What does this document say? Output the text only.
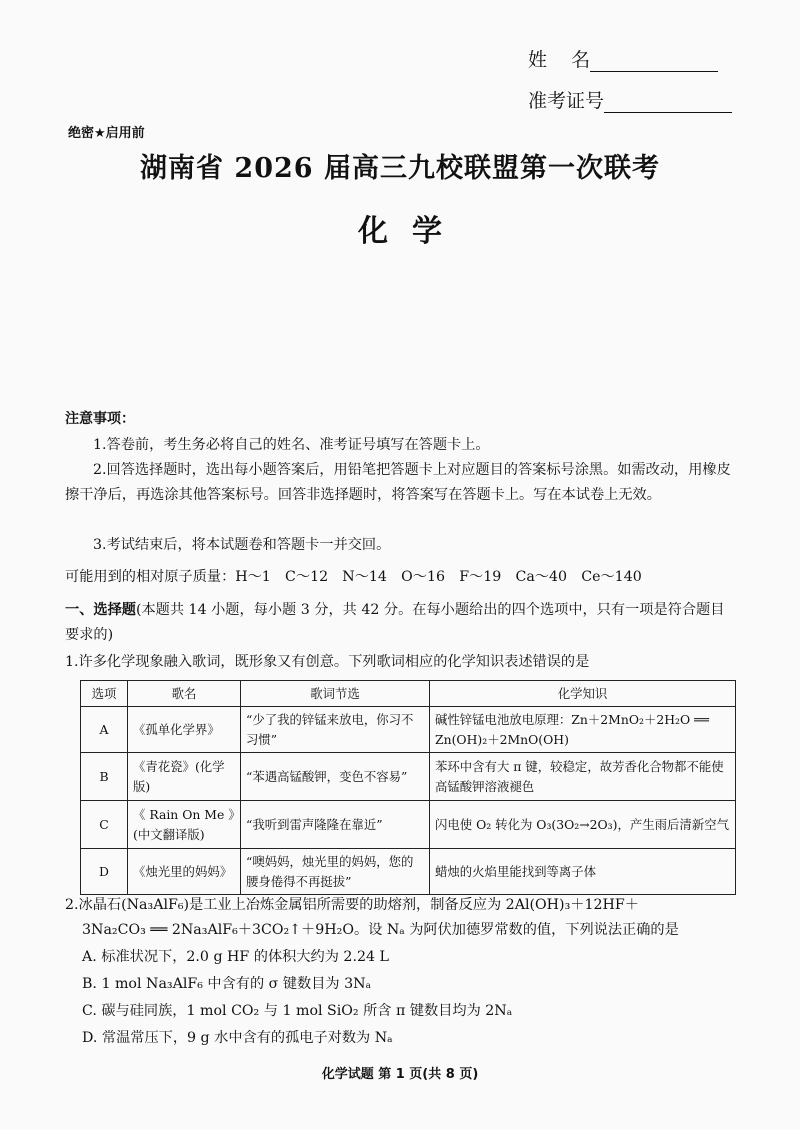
姓    名
准考证号
绝密★启用前
湖南省 2026 届高三九校联盟第一次联考
化学
注意事项：
1.答卷前，考生务必将自己的姓名、准考证号填写在答题卡上。
2.回答选择题时，选出每小题答案后，用铅笔把答题卡上对应题目的答案标号涂黑。如需改动，用橡皮擦干净后，再选涂其他答案标号。回答非选择题时，将答案写在答题卡上。写在本试卷上无效。
3.考试结束后，将本试题卷和答题卡一并交回。
可能用到的相对原子质量：H～1　C～12　N～14　O～16　F～19　Ca～40　Ce～140
一、选择题(本题共 14 小题，每小题 3 分，共 42 分。在每小题给出的四个选项中，只有一项是符合题目要求的)
1.许多化学现象融入歌词，既形象又有创意。下列歌词相应的化学知识表述错误的是
选项	歌名	歌词节选	化学知识
A	《孤单化学界》	“少了我的锌锰来放电，你习不习惯”	碱性锌锰电池放电原理：Zn＋2MnO₂＋2H₂O ══ Zn(OH)₂＋2MnO(OH)
B	《青花瓷》(化学版)	“苯遇高锰酸钾，变色不容易”	苯环中含有大 π 键，较稳定，故芳香化合物都不能使高锰酸钾溶液褪色
C	《 Rain On Me 》(中文翻译版)	“我听到雷声隆隆在靠近”	闪电使 O₂ 转化为 O₃(3O₂→2O₃)，产生雨后清新空气
D	《烛光里的妈妈》	“噢妈妈，烛光里的妈妈，您的腰身倦得不再挺拔”	蜡烛的火焰里能找到等离子体
2.冰晶石(Na₃AlF₆)是工业上冶炼金属铝所需要的助熔剂，制备反应为 2Al(OH)₃＋12HF＋
3Na₂CO₃ ══ 2Na₃AlF₆＋3CO₂↑＋9H₂O。设 Nₐ 为阿伏加德罗常数的值，下列说法正确的是
A. 标准状况下，2.0 g HF 的体积大约为 2.24 L
B. 1 mol Na₃AlF₆ 中含有的 σ 键数目为 3Nₐ
C. 碳与硅同族，1 mol CO₂ 与 1 mol SiO₂ 所含 π 键数目均为 2Nₐ
D. 常温常压下，9 g 水中含有的孤电子对数为 Nₐ
化学试题 第 1 页(共 8 页)
